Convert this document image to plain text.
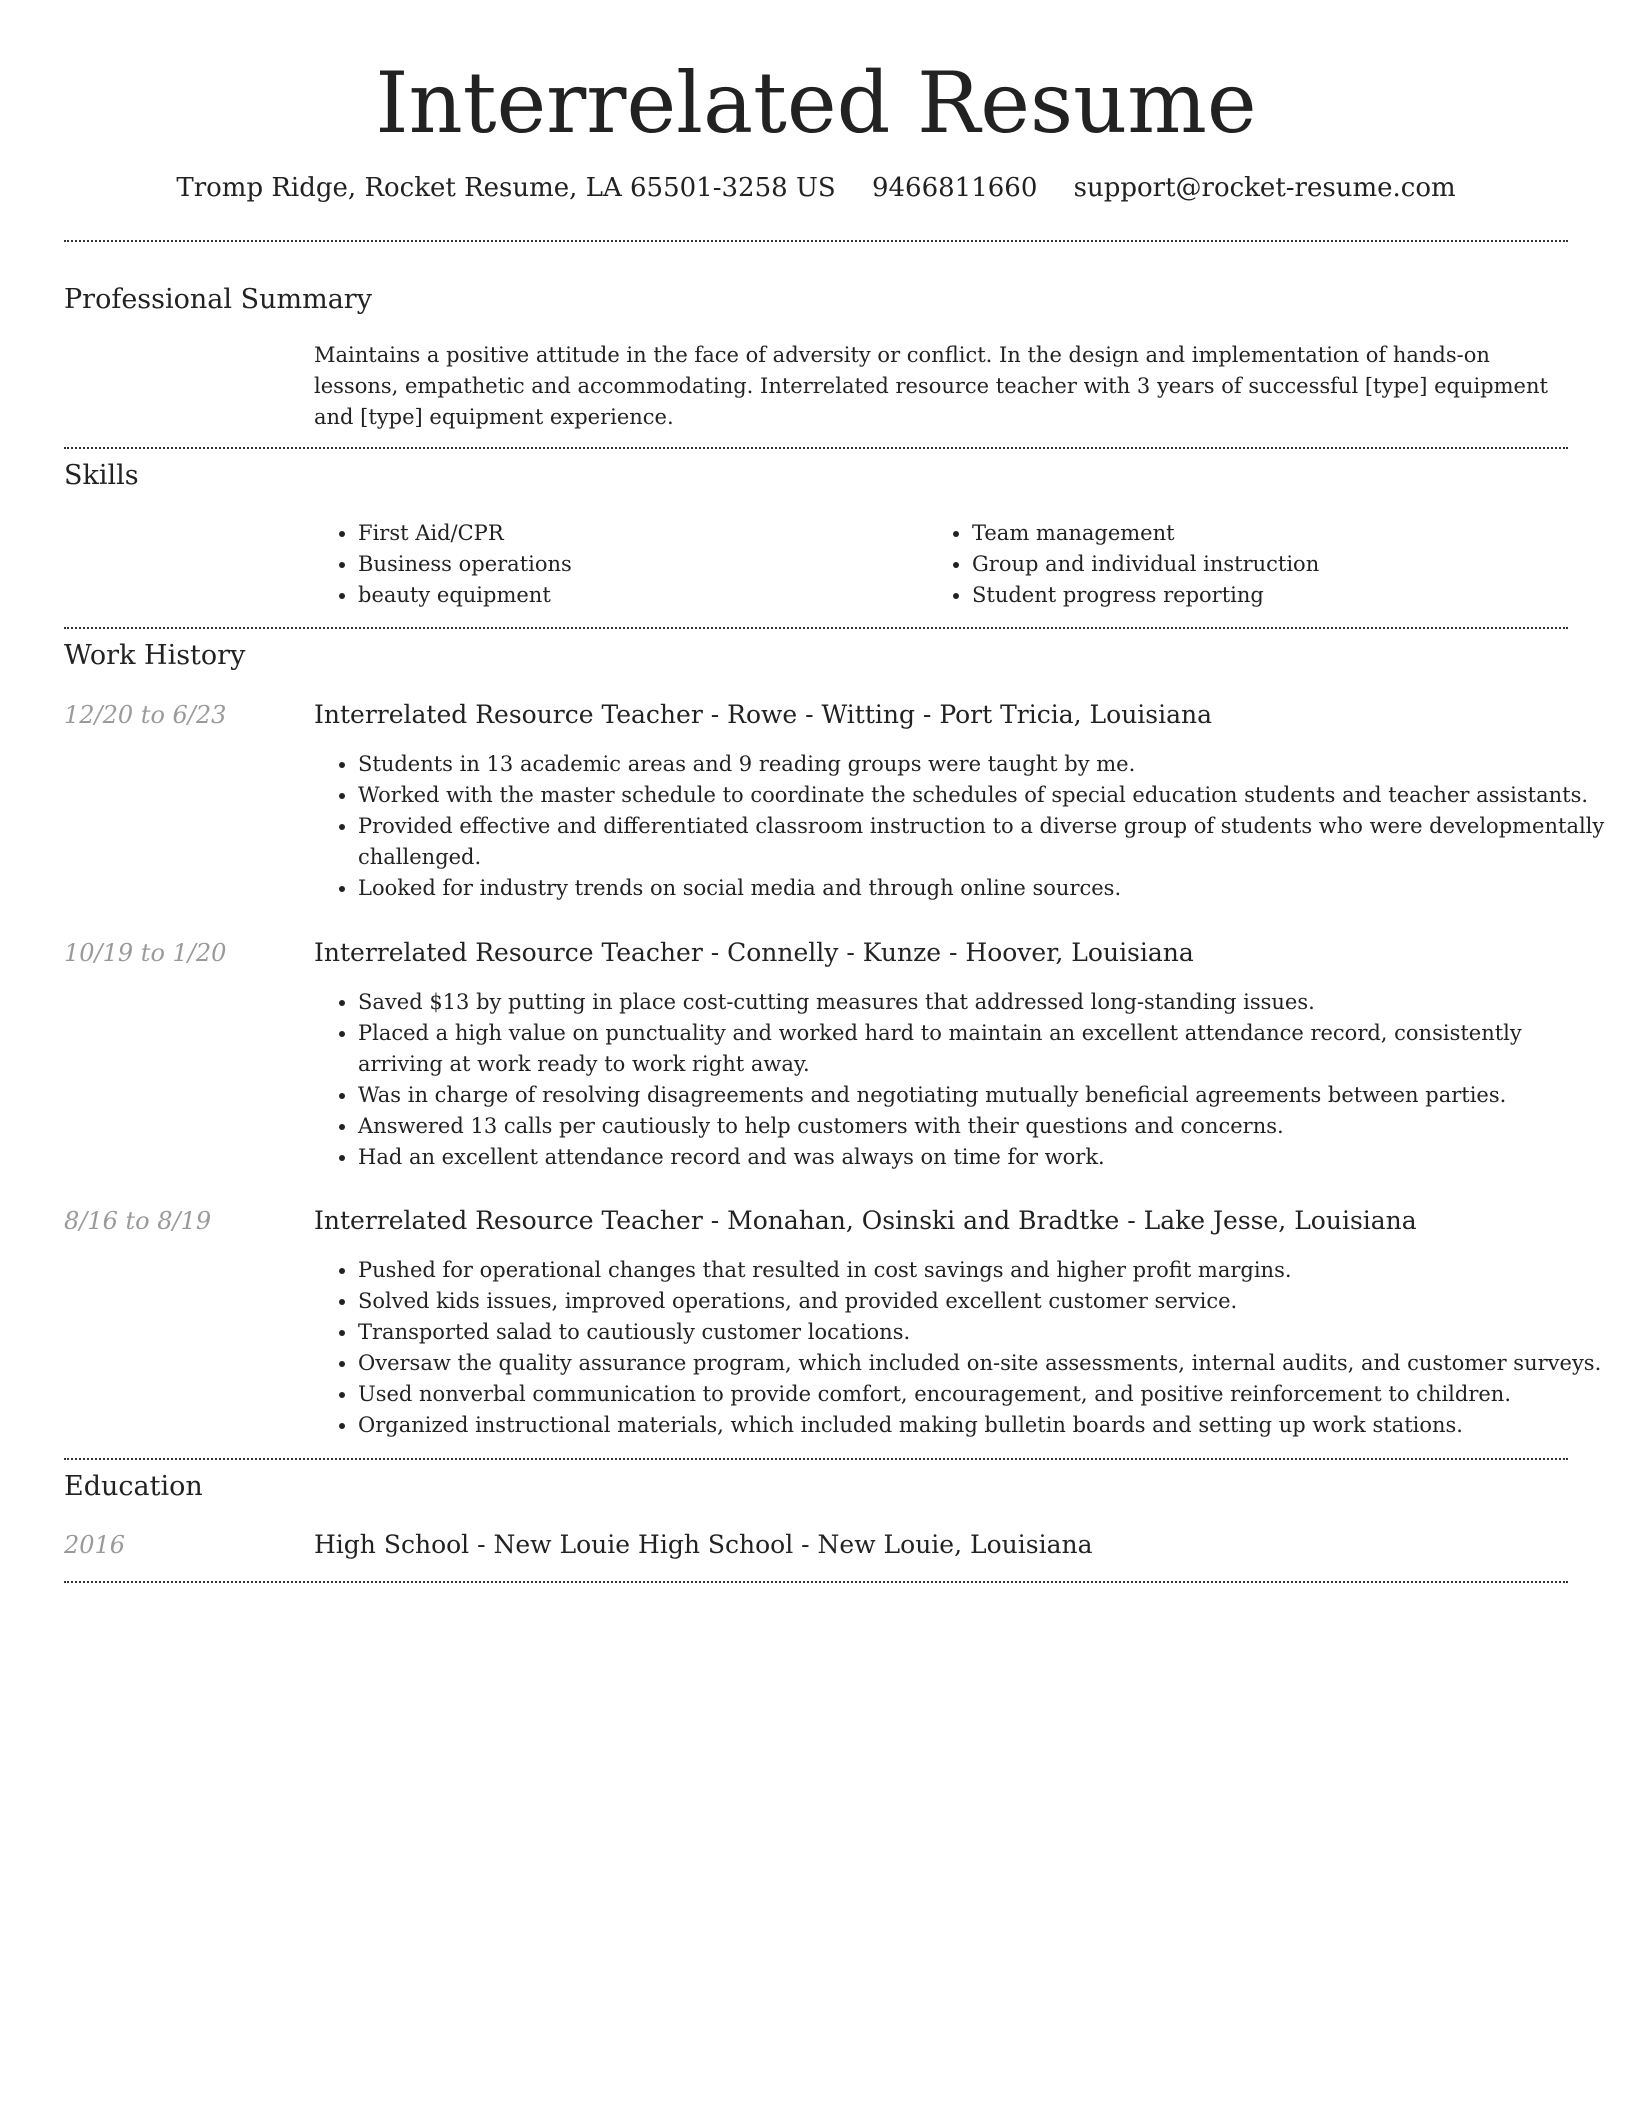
Interrelated Resume
Tromp Ridge, Rocket Resume, LA 65501-3258 US 9466811660 support@rocket-resume.com
Professional Summary

Maintains a positive attitude in the face of adversity or conflict. In the design and implementation of hands-on lessons, empathetic and accommodating. Interrelated resource teacher with 3 years of successful [type] equipment and [type] equipment experience.

Skills
• First Aid/CPR
• Business operations
• beauty equipment
• Team management
• Group and individual instruction
• Student progress reporting
Work History
12/20 to 6/23	Interrelated Resource Teacher - Rowe - Witting - Port Tricia, Louisiana
• Students in 13 academic areas and 9 reading groups were taught by me.
• Worked with the master schedule to coordinate the schedules of special education students and teacher assistants.
• Provided effective and differentiated classroom instruction to a diverse group of students who were developmentally challenged.
• Looked for industry trends on social media and through online sources.
10/19 to 1/20	Interrelated Resource Teacher - Connelly - Kunze - Hoover, Louisiana
• Saved $13 by putting in place cost-cutting measures that addressed long-standing issues.
• Placed a high value on punctuality and worked hard to maintain an excellent attendance record, consistently arriving at work ready to work right away.
• Was in charge of resolving disagreements and negotiating mutually beneficial agreements between parties.
• Answered 13 calls per cautiously to help customers with their questions and concerns.
• Had an excellent attendance record and was always on time for work.
8/16 to 8/19	Interrelated Resource Teacher - Monahan, Osinski and Bradtke - Lake Jesse, Louisiana
• Pushed for operational changes that resulted in cost savings and higher profit margins.
• Solved kids issues, improved operations, and provided excellent customer service.
• Transported salad to cautiously customer locations.
• Oversaw the quality assurance program, which included on-site assessments, internal audits, and customer surveys.
• Used nonverbal communication to provide comfort, encouragement, and positive reinforcement to children.
• Organized instructional materials, which included making bulletin boards and setting up work stations.
Education
2016	High School - New Louie High School - New Louie, Louisiana
